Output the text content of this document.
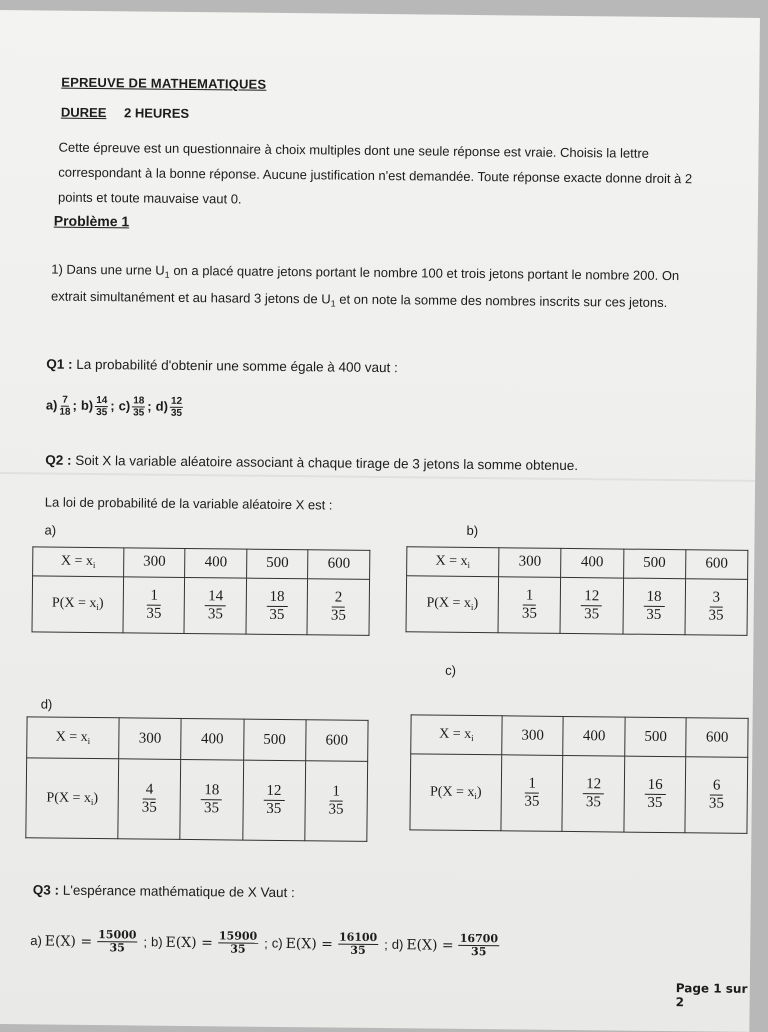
EPREUVE DE MATHEMATIQUES
DUREE 2 HEURES
Cette épreuve est un questionnaire à choix multiples dont une seule réponse est vraie. Choisis la lettre correspondant à la bonne réponse. Aucune justification n'est demandée. Toute réponse exacte donne droit à 2 points et toute mauvaise vaut 0.
Problème 1
1) Dans une urne $U_1$ on a placé quatre jetons portant le nombre 100 et trois jetons portant le nombre 200. On extrait simultanément et au hasard 3 jetons de $U_1$ et on note la somme des nombres inscrits sur ces jetons.
Q1 : La probabilité d'obtenir une somme égale à 400 vaut :
$a) \frac{7}{18}$ ; $b) \frac{14}{35}$ ; $c) \frac{18}{35}$ ; $d) \frac{12}{35}$
Q2 : Soit X la variable aléatoire associant à chaque tirage de 3 jetons la somme obtenue.
La loi de probabilité de la variable aléatoire X est :
a)	b)
c)
d)
$X = x_i$	300	400	500	600
$P(X = x_i)$	$\frac{1}{35}$	$\frac{14}{35}$	$\frac{18}{35}$	$\frac{2}{35}$
$X = x_i$	300	400	500	600
$P(X = x_i)$	$\frac{1}{35}$	$\frac{12}{35}$	$\frac{18}{35}$	$\frac{3}{35}$
$X = x_i$	300	400	500	600
$P(X = x_i)$	$\frac{4}{35}$	$\frac{18}{35}$	$\frac{12}{35}$	$\frac{1}{35}$
$X = x_i$	300	400	500	600
$P(X = x_i)$	$\frac{1}{35}$	$\frac{12}{35}$	$\frac{16}{35}$	$\frac{6}{35}$
Q3 : L'espérance mathématique de X Vaut :
a) $E(X) = \frac{15000}{35}$ ; b) $E(X) = \frac{15900}{35}$ ; c) $E(X) = \frac{16100}{35}$ ; d) $E(X) = \frac{16700}{35}$
Page 1 sur 2
